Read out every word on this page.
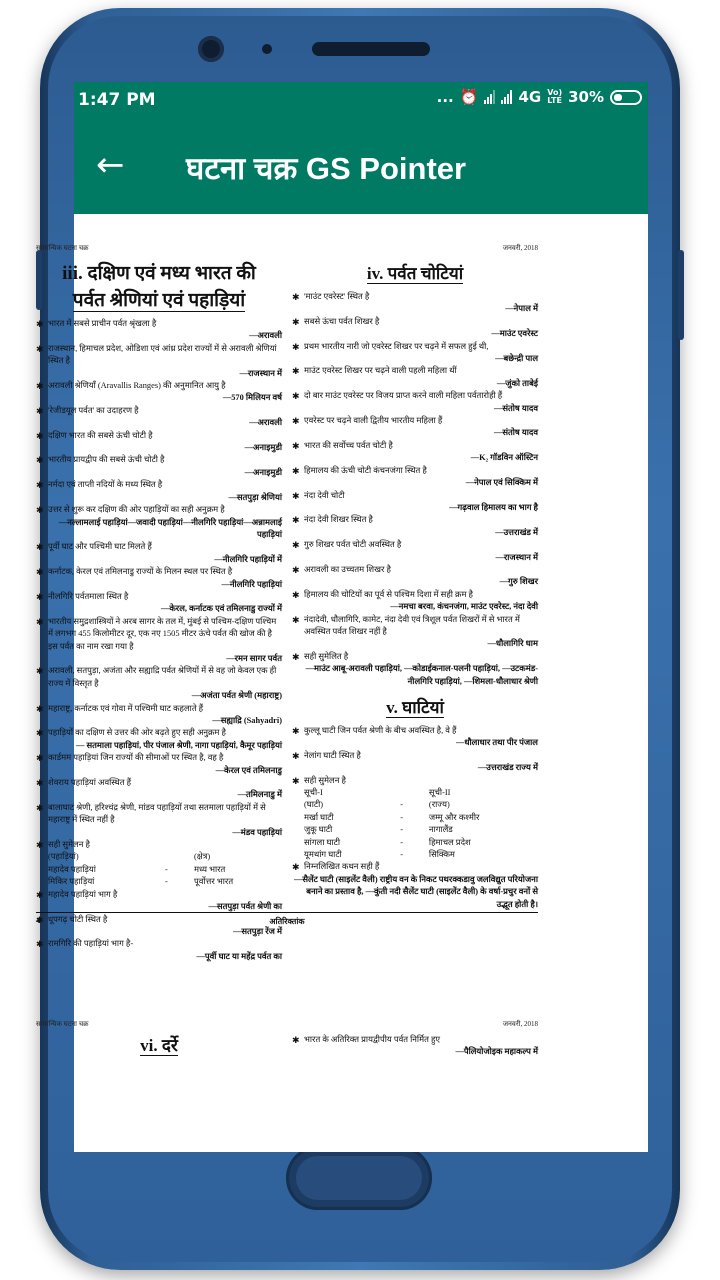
1:47 PM	... ⏰	4G Vo)
LTE 30%
← घटना चक्र GS Pointer
सामान्यिक घटना चक्र	जनवरी, 2018
iii. दक्षिण एवं मध्य भारत की
पर्वत श्रेणियां एवं पहाड़ियां
✱ भारत में सबसे प्राचीन पर्वत श्रृंखला है
—अरावली
✱ राजस्थान, हिमाचल प्रदेश, ओडिशा एवं आंध्र प्रदेश राज्यों में से अरावली श्रेणियां स्थित है
—राजस्थान में
✱ अरावली श्रेणियाँ (Aravallis Ranges) की अनुमानित आयु है
—570 मिलियन वर्ष
✱ 'रेजीडयूल पर्वत' का उदाहरण है
—अरावली
✱ दक्षिण भारत की सबसे ऊंची चोटी है
—अनाइमुडी
✱ भारतीय प्रायद्वीप की सबसे ऊंची चोटी है
—अनाइमुडी
✱ नर्मदा एवं ताप्ती नदियों के मध्य स्थित है
—सतपुड़ा श्रेणियां
✱ उत्तर से शुरू कर दक्षिण की ओर पहाड़ियों का सही अनुक्रम है
—नल्लामलाई पहाड़ियां—जवादी पहाड़ियां—नीलगिरि पहाड़ियां—अन्नामलाई पहाड़ियां
✱ पूर्वी घाट और पश्चिमी घाट मिलते हैं
—नीलगिरि पहाड़ियों में
✱ कर्नाटक, केरल एवं तमिलनाडु राज्यों के मिलन स्थल पर स्थित है
—नीलगिरि पहाड़ियां
✱ नीलगिरि पर्वतमाला स्थित है
—केरल, कर्नाटक एवं तमिलनाडु राज्यों में
✱ भारतीय समुद्रशास्त्रियों ने अरब सागर के तल में, मुंबई से पश्चिम-दक्षिण पश्चिम में लगभग 455 किलोमीटर दूर, एक नए 1505 मीटर ऊंचे पर्वत की खोज की है इस पर्वत का नाम रखा गया है
—रमन सागर पर्वत
✱ अरावली, सतपुड़ा, अजंता और सह्याद्रि पर्वत श्रेणियों में से वह जो केवल एक ही राज्य में विस्तृत है
—अजंता पर्वत श्रेणी (महाराष्ट्र)
✱ महाराष्ट्र, कर्नाटक एवं गोवा में पश्चिमी घाट कहलाते हैं
—सह्याद्रि (Sahyadri)
✱ पहाड़ियों का दक्षिण से उत्तर की ओर बढ़ते हुए सही अनुक्रम है
— सतमाला पहाड़ियां, पीर पंजाल श्रेणी, नागा पहाड़ियां, कैमूर पहाड़ियां
✱ कार्डमम पहाड़ियां जिन राज्यों की सीमाओं पर स्थित है, वह है
—केरल एवं तमिलनाडु
✱ शेवराय पहाड़ियां अवस्थित हैं
—तमिलनाडु में
✱ बालाघाट श्रेणी, हरिश्चंद्र श्रेणी, मांडव पहाड़ियों तथा सतमाला पहाड़ियों में से महाराष्ट्र में स्थित नहीं है
—मंडव पहाड़ियां
✱ सही सुमेलन है
(पहाड़ियां)		(क्षेत्र)
महादेव पहाड़ियां	-	मध्य भारत
मिकिर पहाड़ियां	-	पूर्वोत्तर भारत
✱ महादेव पहाड़ियां भाग है
—सतपुड़ा पर्वत श्रेणी का
✱ धूपगढ़ चोटी स्थित है
—सतपुड़ा रेंज में
✱ रामगिरि की पहाड़ियां भाग है-
—पूर्वी घाट या महेंद्र पर्वत का
iv. पर्वत चोटियां
✱ 'माउंट एवरेस्ट' स्थित है
—नेपाल में
✱ सबसे ऊंचा पर्वत शिखर है
—माउंट एवरेस्ट
✱ प्रथम भारतीय नारी जो एवरेस्ट शिखर पर चढ़ने में सफल हुई थी,
—बछेन्द्री पाल
✱ माउंट एवरेस्ट शिखर पर चढ़ने वाली पहली महिला थीं
—जुंको ताबेई
✱ दो बार माउंट एवरेस्ट पर विजय प्राप्त करने वाली महिला पर्वतारोही हैं
—संतोष यादव
✱ एवरेस्ट पर चढ़ने वाली द्वितीय भारतीय महिला हैं
—संतोष यादव
✱ भारत की सर्वोच्च पर्वत चोटी है
—K₂ गॉडविन ऑस्टिन
✱ हिमालय की ऊंची चोटी कंचनजंगा स्थित है
—नेपाल एवं सिक्किम में
✱ नंदा देवी चोटी
—गढ़वाल हिमालय का भाग है
✱ नंदा देवी शिखर स्थित है
—उत्तराखंड में
✱ गुरु शिखर पर्वत चोटी अवस्थित है
—राजस्थान में
✱ अरावली का उच्चतम शिखर है
—गुरु शिखर
✱ हिमालय की चोटियों का पूर्व से पश्चिम दिशा में सही क्रम है
—नमचा बरवा, कंचनजंगा, माउंट एवरेस्ट, नंदा देवी
✱ नंदादेवी, धौलागिरि, कामेट, नंदा देवी एवं त्रिशूल पर्वत शिखरों में से भारत में अवस्थित पर्वत शिखर नहीं है
—धौलागिरि धाम
✱ सही सुमेलित है
—माउंट आबू-अरावली पहाड़ियां, —कोडाईकनाल-पलनी पहाड़ियां, —उटकमंड-नीलगिरि पहाड़ियां, —शिमला-धौलाधार श्रेणी
v. घाटियां
✱ कुल्लू घाटी जिन पर्वत श्रेणी के बीच अवस्थित है, वे हैं
—धौलाधार तथा पीर पंजाल
✱ नेलांग घाटी स्थित है
—उत्तराखंड राज्य में
✱ सही सुमेलन है
सूची-I		सूची-II
(घाटी)	-	(राज्य)
मर्खा घाटी	-	जम्मू और कश्मीर
जुकू घाटी	-	नागालैंड
सांगला घाटी	-	हिमाचल प्रदेश
यूमथांग घाटी	-	सिक्किम
✱ निम्नलिखित कथन सही हैं
—सैलेंट घाटी (साइलेंट वैली) राष्ट्रीय वन के निकट पथरक्कडावु जलविद्युत परियोजना बनाने का प्रस्ताव है, —कुंती नदी सैलेंट घाटी (साइलेंट वैली) के वर्षा-प्रचुर वनों से उद्भूत होती है।
4	अतिरिक्तांक
सामान्यिक घटना चक्र	जनवरी, 2018
vi. दर्रे	✱ भारत के अतिरिक्त प्रायद्वीपीय पर्वत निर्मित हुए
—पैलियोजोइक महाकल्प में
